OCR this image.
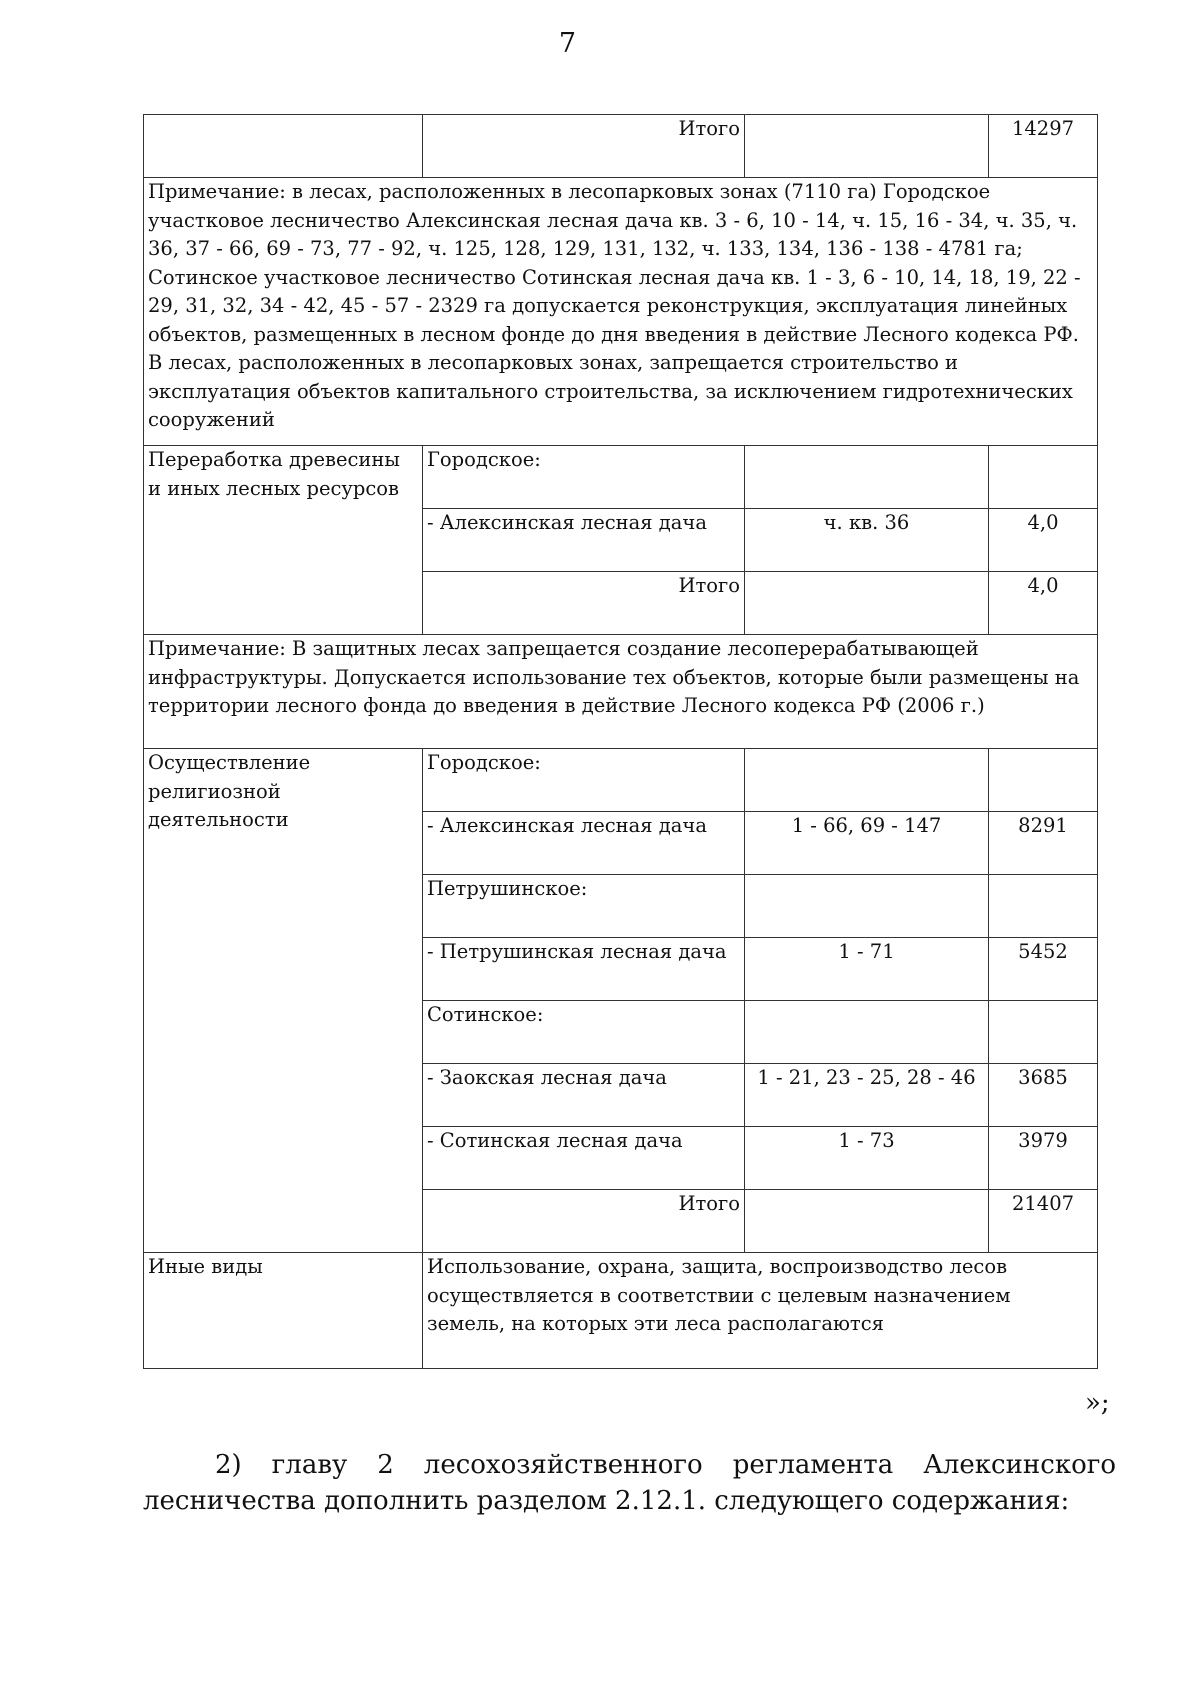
7
	Итого		14297
Примечание: в лесах, расположенных в лесопарковых зонах (7110 га) Городское участковое лесничество Алексинская лесная дача кв. 3 - 6, 10 - 14, ч. 15, 16 - 34, ч. 35, ч. 36, 37 - 66, 69 - 73, 77 - 92, ч. 125, 128, 129, 131, 132, ч. 133, 134, 136 - 138 - 4781 га; Сотинское участковое лесничество Сотинская лесная дача кв. 1 - 3, 6 - 10, 14, 18, 19, 22 - 29, 31, 32, 34 - 42, 45 - 57 - 2329 га допускается реконструкция, эксплуатация линейных объектов, размещенных в лесном фонде до дня введения в действие Лесного кодекса РФ. В лесах, расположенных в лесопарковых зонах, запрещается строительство и эксплуатация объектов капитального строительства, за исключением гидротехнических сооружений			
Переработка древесины и иных лесных ресурсов	Городское:		
	- Алексинская лесная дача	ч. кв. 36	4,0
	Итого		4,0
Примечание: В защитных лесах запрещается создание лесоперерабатывающей инфраструктуры. Допускается использование тех объектов, которые были размещены на территории лесного фонда до введения в действие Лесного кодекса РФ (2006 г.)			
Осуществление религиозной деятельности	Городское:		
	- Алексинская лесная дача	1 - 66, 69 - 147	8291
	Петрушинское:		
	- Петрушинская лесная дача	1 - 71	5452
	Сотинское:		
	- Заокская лесная дача	1 - 21, 23 - 25, 28 - 46	3685
	- Сотинская лесная дача	1 - 73	3979
	Итого		21407
Иные виды	Использование, охрана, защита, воспроизводство лесов осуществляется в соответствии с целевым назначением земель, на которых эти леса располагаются		
»;
2) главу 2 лесохозяйственного регламента Алексинского лесничества дополнить разделом 2.12.1. следующего содержания:
